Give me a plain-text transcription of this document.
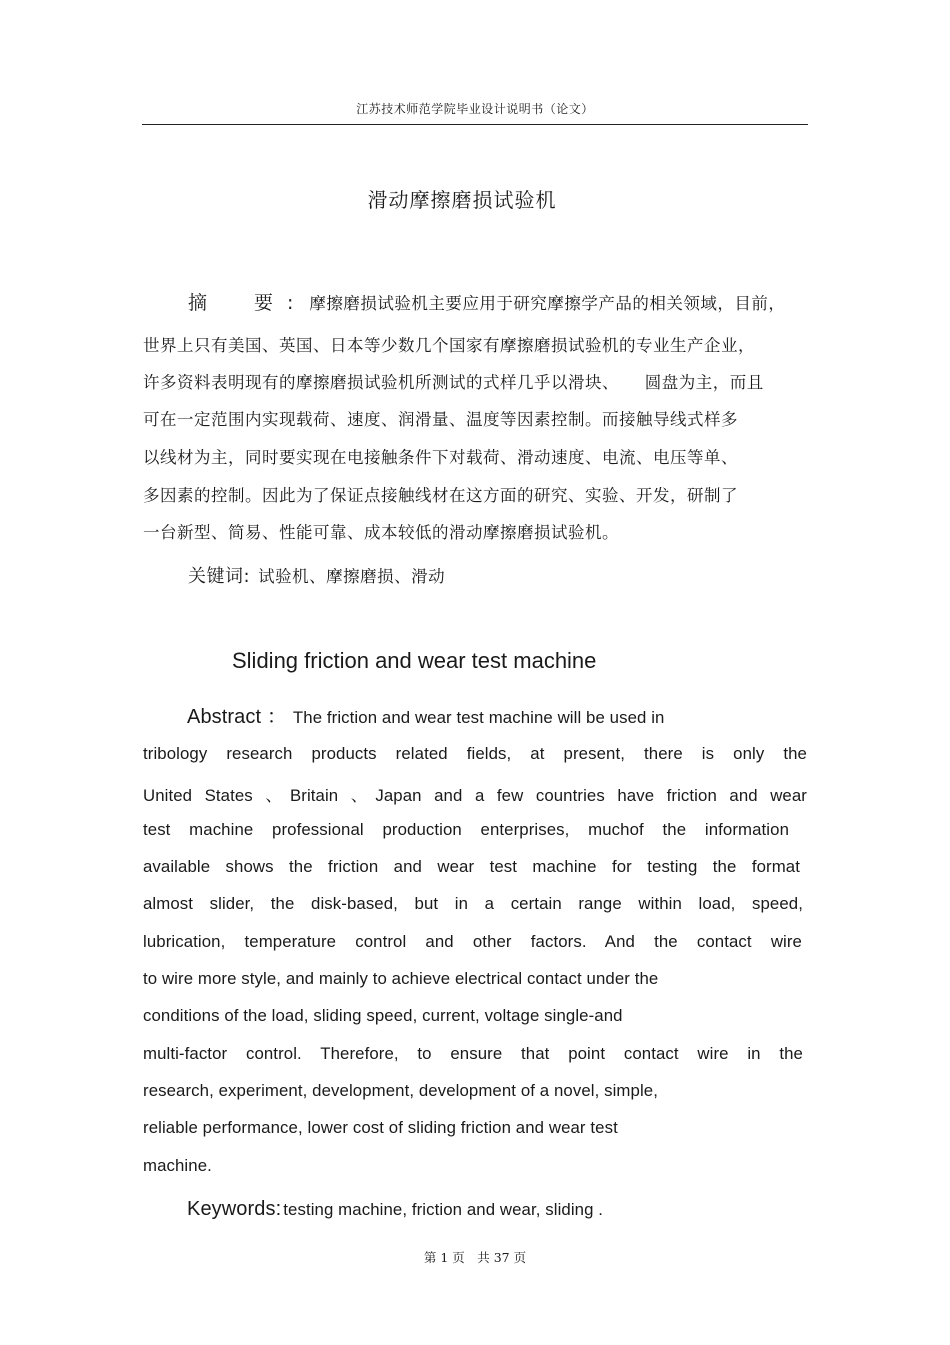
江苏技术师范学院毕业设计说明书（论文）
滑动摩擦磨损试验机
摘　要: 摩擦磨损试验机主要应用于研究摩擦学产品的相关领域，目前，
世界上只有美国、英国、日本等少数几个国家有摩擦磨损试验机的专业生产企业，
许多资料表明现有的摩擦磨损试验机所测试的式样几乎以滑块、　　圆盘为主，而且
可在一定范围内实现载荷、速度、润滑量、温度等因素控制。而接触导线式样多
以线材为主，同时要实现在电接触条件下对载荷、滑动速度、电流、电压等单、
多因素的控制。因此为了保证点接触线材在这方面的研究、实验、开发，研制了
一台新型、简易、性能可靠、成本较低的滑动摩擦磨损试验机。
关键词: 试验机、摩擦磨损、滑动
Sliding friction and wear test machine
Abstract ： The friction and wear test machine will be used in
tribology research products related fields, at present, there is only the
United States 、Britain 、Japan and a few countries have friction and wear
test machine professional production enterprises, muchof the information
available shows the friction and wear test machine for testing the format
almost slider, the disk-based, but in a certain range within load, speed,
lubrication, temperature control and other factors. And the contact wire
to wire more style, and mainly to achieve electrical contact under the
conditions of the load, sliding speed, current, voltage single-and
multi-factor control. Therefore, to ensure that point contact wire in the
research, experiment, development, development of a novel, simple,
reliable performance, lower cost of sliding friction and wear test
machine.
Keywords: testing machine, friction and wear, sliding .
第 1 页　共 37 页
